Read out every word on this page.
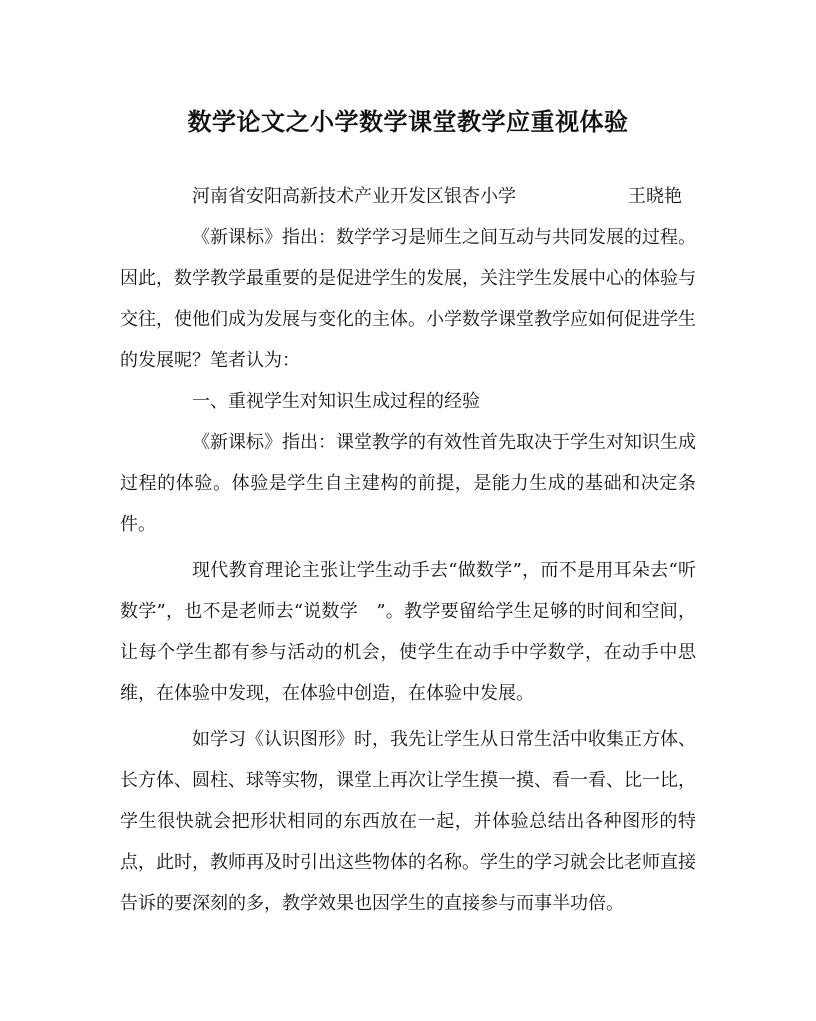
数学论文之小学数学课堂教学应重视体验

河南省安阳高新技术产业开发区银杏小学	王晓艳

《新课标》指出：数学学习是师生之间互动与共同发展的过程。因此，数学教学最重要的是促进学生的发展，关注学生发展中心的体验与交往，使他们成为发展与变化的主体。小学数学课堂教学应如何促进学生的发展呢？笔者认为：

一、重视学生对知识生成过程的经验

《新课标》指出：课堂教学的有效性首先取决于学生对知识生成过程的体验。体验是学生自主建构的前提，是能力生成的基础和决定条件。

现代教育理论主张让学生动手去“做数学”，而不是用耳朵去“听数学”，也不是老师去“说数学　”。教学要留给学生足够的时间和空间，让每个学生都有参与活动的机会，使学生在动手中学数学，在动手中思维，在体验中发现，在体验中创造，在体验中发展。

如学习《认识图形》时，我先让学生从日常生活中收集正方体、长方体、圆柱、球等实物，课堂上再次让学生摸一摸、看一看、比一比，学生很快就会把形状相同的东西放在一起，并体验总结出各种图形的特点，此时，教师再及时引出这些物体的名称。学生的学习就会比老师直接告诉的要深刻的多，教学效果也因学生的直接参与而事半功倍。
